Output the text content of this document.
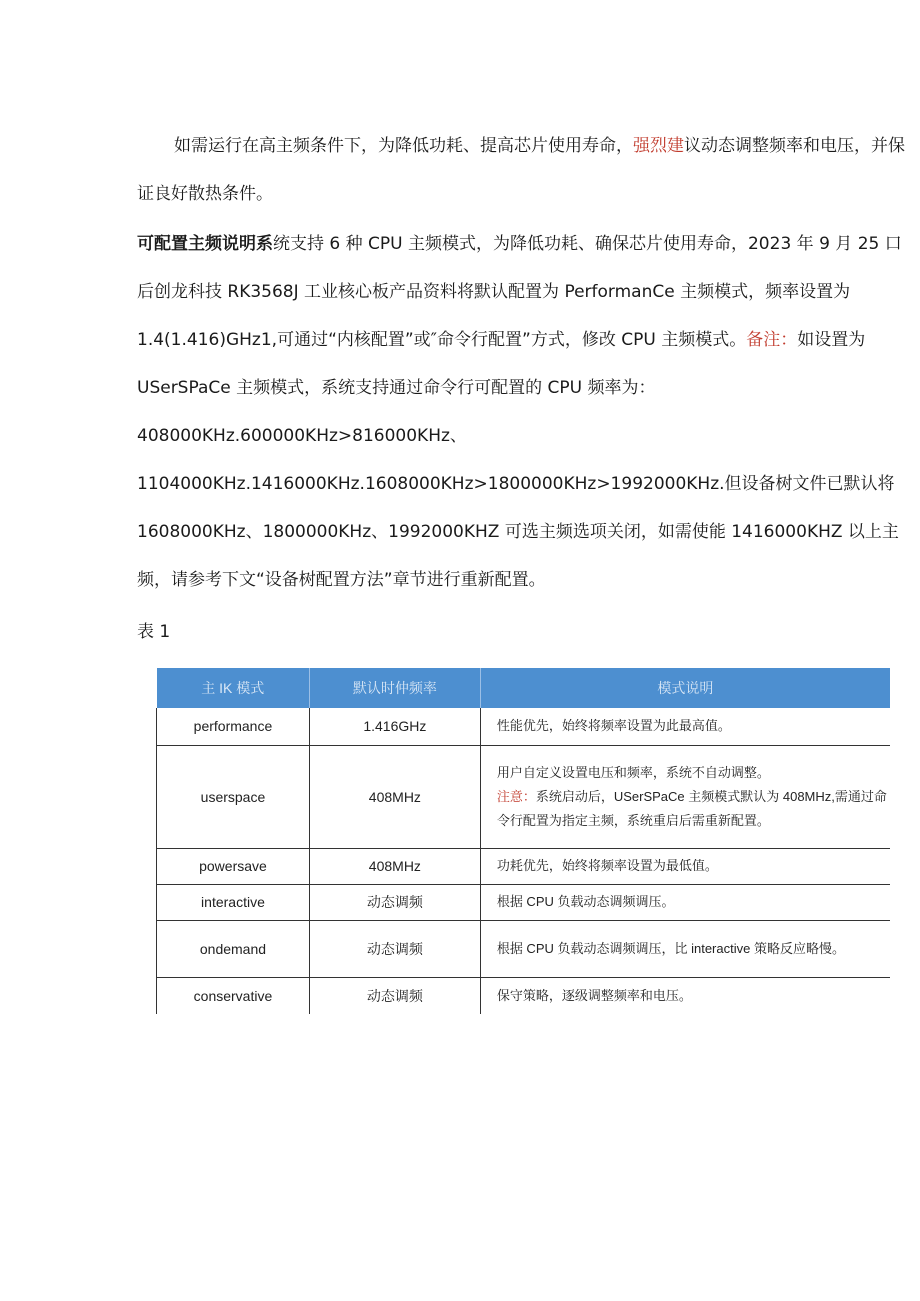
如需运行在高主频条件下，为降低功耗、提高芯片使用寿命，强烈建议动态调整频率和电压，并保证良好散热条件。
可配置主频说明系统支持 6 种 CPU 主频模式，为降低功耗、确保芯片使用寿命，2023 年 9 月 25 口后创龙科技 RK3568J 工业核心板产品资料将默认配置为 PerformanCe 主频模式，频率设置为 1.4(1.416)GHz1,可通过“内核配置”或″命令行配置”方式，修改 CPU 主频模式。备注：如设置为 USerSPaCe 主频模式，系统支持通过命令行可配置的 CPU 频率为：
408000KHz.600000KHz>816000KHz、
1104000KHz.1416000KHz.1608000KHz>1800000KHz>1992000KHz.但设备树文件已默认将1608000KHz、1800000KHz、1992000KHZ 可选主频选项关闭，如需使能 1416000KHZ 以上主频，请参考下文“设备树配置方法”章节进行重新配置。
表 1
主 IK 模式	默认时仲频率	模式说明
performance	1.416GHz	性能优先，始终将频率设置为此最高值。
userspace	408MHz	用户自定义设置电压和频率，系统不自动调整。
注意：系统启动后，USerSPaCe 主频模式默认为 408MHz,需通过命令行配置为指定主频，系统重启后需重新配置。

powersave	408MHz	功耗优先，始终将频率设置为最低值。
interactive	动态调频	根据 CPU 负载动态调频调压。
ondemand	动态调频	根据 CPU 负载动态调频调压，比 interactive 策略反应略慢。
conservative	动态调频	保守策略，逐级调整频率和电压。
